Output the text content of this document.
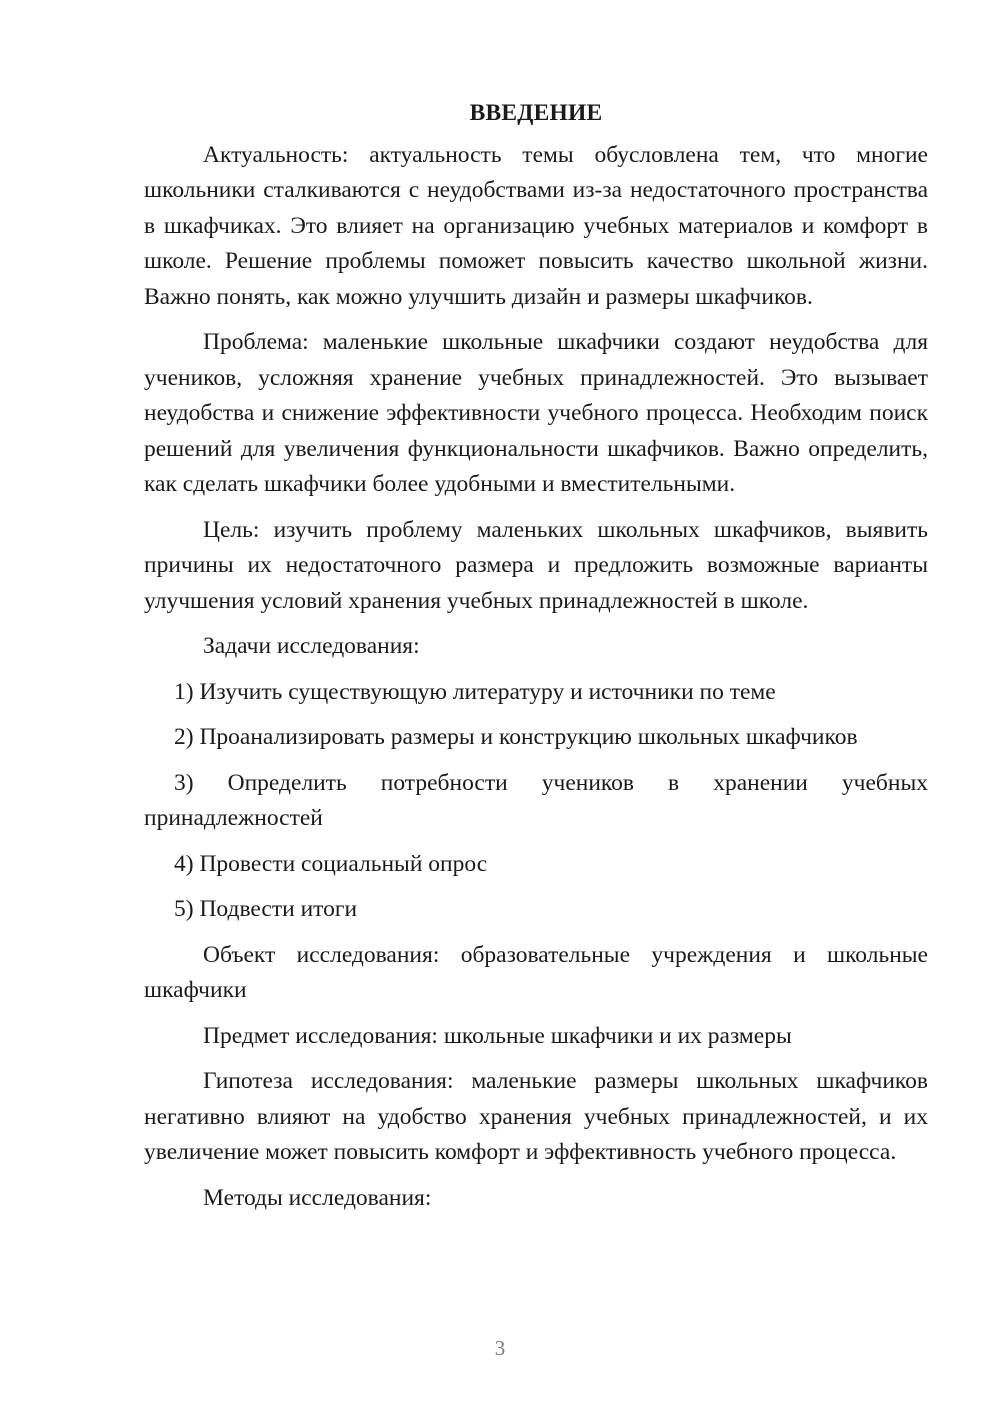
ВВЕДЕНИЕ

Актуальность: актуальность темы обусловлена тем, что многие школьники сталкиваются с неудобствами из-за недостаточного пространства в шкафчиках. Это влияет на организацию учебных материалов и комфорт в школе. Решение проблемы поможет повысить качество школьной жизни. Важно понять, как можно улучшить дизайн и размеры шкафчиков.

Проблема: маленькие школьные шкафчики создают неудобства для учеников, усложняя хранение учебных принадлежностей. Это вызывает неудобства и снижение эффективности учебного процесса. Необходим поиск решений для увеличения функциональности шкафчиков. Важно определить, как сделать шкафчики более удобными и вместительными.

Цель: изучить проблему маленьких школьных шкафчиков, выявить причины их недостаточного размера и предложить возможные варианты улучшения условий хранения учебных принадлежностей в школе.

Задачи исследования:

1) Изучить существующую литературу и источники по теме

2) Проанализировать размеры и конструкцию школьных шкафчиков

3) Определить потребности учеников в хранении учебных принадлежностей

4) Провести социальный опрос

5) Подвести итоги

Объект исследования: образовательные учреждения и школьные шкафчики

Предмет исследования: школьные шкафчики и их размеры

Гипотеза исследования: маленькие размеры школьных шкафчиков негативно влияют на удобство хранения учебных принадлежностей, и их увеличение может повысить комфорт и эффективность учебного процесса.

Методы исследования:

3
